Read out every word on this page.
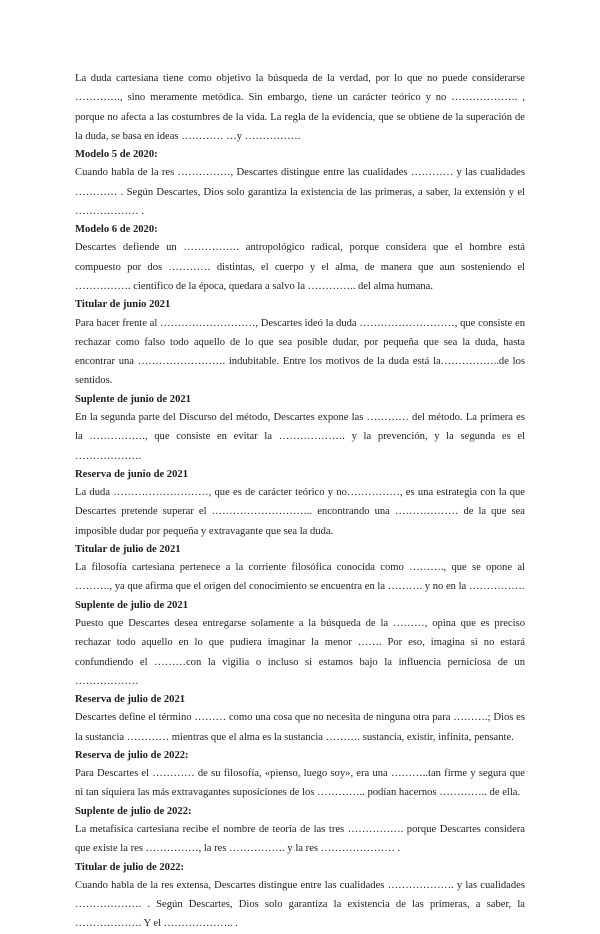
La duda cartesiana tiene como objetivo la búsqueda de la verdad, por lo que no puede considerarse …………., sino meramente metódica. Sin embargo, tiene un carácter teórico y no ………………. , porque no afecta a las costumbres de la vida. La regla de la evidencia, que se obtiene de la superación de la duda, se basa en ideas ………… …y …………….

Modelo 5 de 2020:

Cuando habla de la res ……………, Descartes distingue entre las cualidades ………… y las cualidades ………… . Según Descartes, Dios solo garantiza la existencia de las primeras, a saber, la extensión y el ……………… .

Modelo 6 de 2020:

Descartes defiende un ……………. antropológico radical, porque considera que el hombre está compuesto por dos ………… distintas, el cuerpo y el alma, de manera que aun sosteniendo el ……………. científico de la época, quedara a salvo la ………….. del alma humana.

Titular de junio 2021

Para hacer frente al ………………………, Descartes ideó la duda ………………………, que consiste en rechazar como falso todo aquello de lo que sea posible dudar, por pequeña que sea la duda, hasta encontrar una ……………………. indubitable. Entre los motivos de la duda está la……………..de los sentidos.

Suplente de junio de 2021

En la segunda parte del Discurso del método, Descartes expone las ………… del método. La primera es la ……………., que consiste en evitar la ………………. y la prevención, y la segunda es el ……………….

Reserva de junio de 2021

La duda ………………………, que es de carácter teórico y no……………, es una estrategia con la que Descartes pretende superar el ……………………….. encontrando una ……………… de la que sea imposible dudar por pequeña y extravagante que sea la duda.

Titular de julio de 2021

La filosofía cartesiana pertenece a la corriente filosófica conocida como ………., que se opone al ………., ya que afirma que el origen del conocimiento se encuentra en la ………. y no en la …………….

Suplente de julio de 2021

Puesto que Descartes desea entregarse solamente a la búsqueda de la ………, opina que es preciso rechazar todo aquello en lo que pudiera imaginar la menor ……. Por eso, imagina si no estará confundiendo el ………con la vigilia o incluso si estamos bajo la influencia perniciosa de un ………………

Reserva de julio de 2021

Descartes define el término ……… como una cosa que no necesita de ninguna otra para ……….; Dios es la sustancia ………… mientras que el alma es la sustancia ………. sustancia, existir, infinita, pensante.

Reserva de julio de 2022:

Para Descartes el ………… de su filosofía, «pienso, luego soy», era una ………..tan firme y segura que ni tan siquiera las más extravagantes suposiciones de los ………….. podían hacernos ………….. de ella.

Suplente de julio de 2022:

La metafísica cartesiana recibe el nombre de teoría de las tres ……………. porque Descartes considera que existe la res ……………, la res ……………. y la res ………………… .

Titular de julio de 2022:

Cuando habla de la res extensa, Descartes distingue entre las cualidades ………………. y las cualidades ………………. . Según Descartes, Dios solo garantiza la existencia de las primeras, a saber, la ………………. Y el ……………….. .
